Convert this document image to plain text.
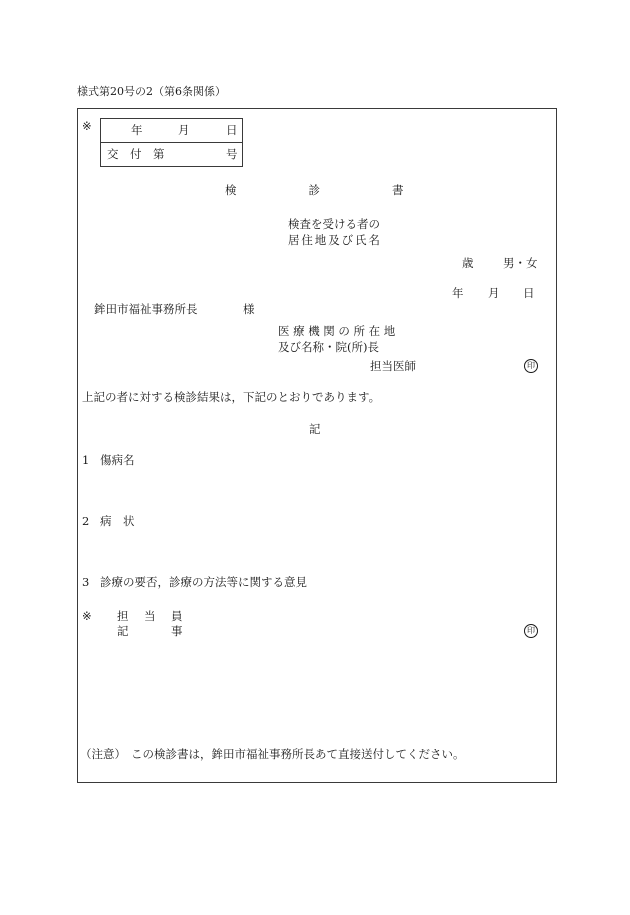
様式第20号の2（第6条関係）
※	年	月	日
交付第	号
検診書
検査を受ける者の
居住地及び氏名
歳	男・女
年 月 日
鉾田市福祉事務所長	様
医療機関の所在地
及び名称・院(所)長
担当医師	印
上記の者に対する検診結果は，下記のとおりであります。
記
1 傷病名
2 病　状
3 診療の要否，診療の方法等に関する意見
※ 担当員
記事	印
（注意） この検診書は，鉾田市福祉事務所長あて直接送付してください。
